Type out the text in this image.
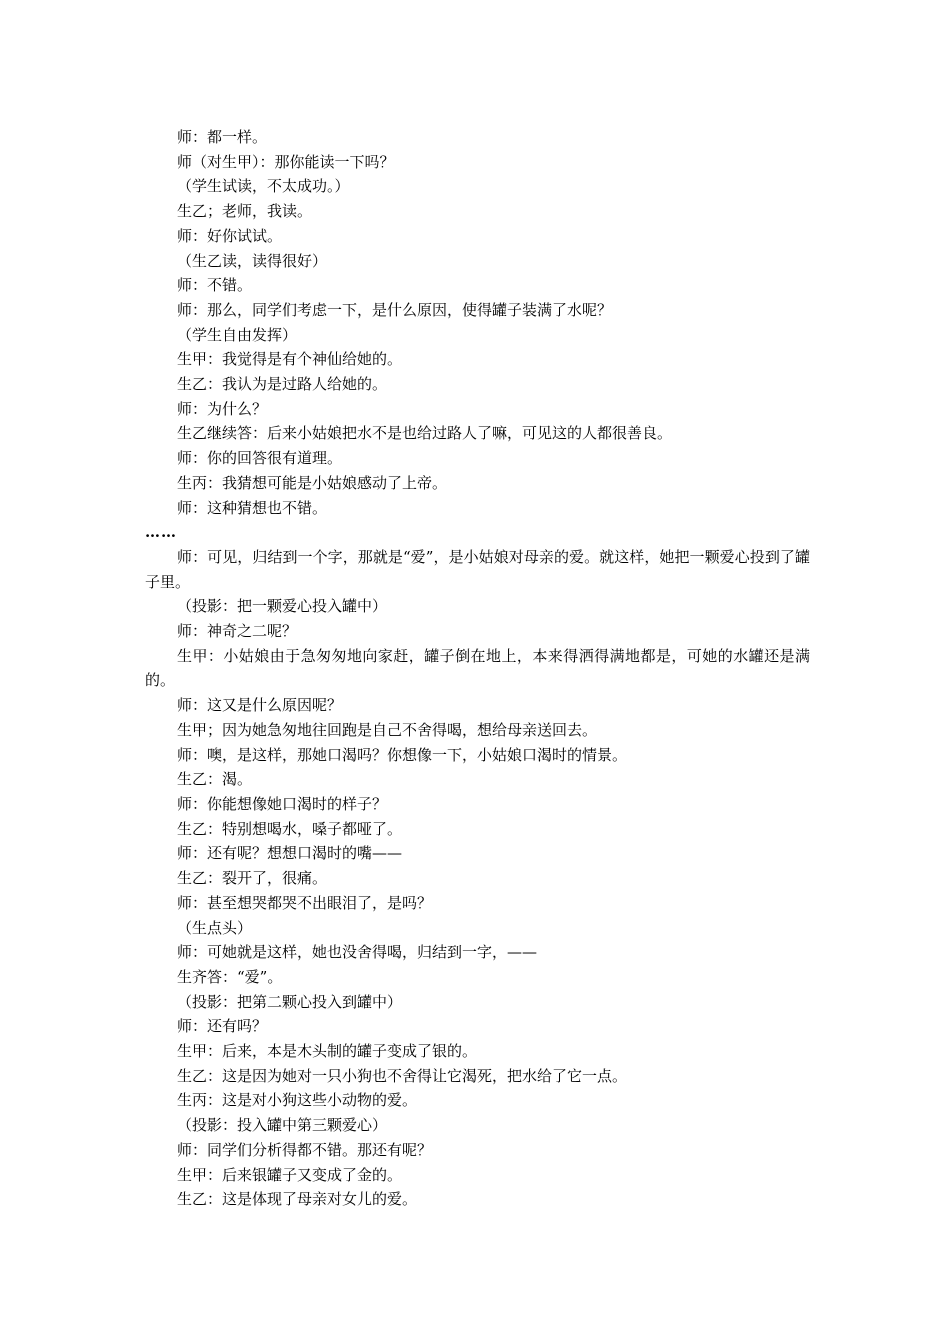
师：都一样。

师（对生甲）：那你能读一下吗？

（学生试读，不太成功。）

生乙；老师，我读。

师：好你试试。

（生乙读，读得很好）

师：不错。

师：那么，同学们考虑一下，是什么原因，使得罐子装满了水呢？

（学生自由发挥）

生甲：我觉得是有个神仙给她的。

生乙：我认为是过路人给她的。

师：为什么？

生乙继续答：后来小姑娘把水不是也给过路人了嘛，可见这的人都很善良。

师：你的回答很有道理。

生丙：我猜想可能是小姑娘感动了上帝。

师：这种猜想也不错。

……

师：可见，归结到一个字，那就是“爱”，是小姑娘对母亲的爱。就这样，她把一颗爱心投到了罐子里。

（投影：把一颗爱心投入罐中）

师：神奇之二呢？

生甲：小姑娘由于急匆匆地向家赶，罐子倒在地上，本来得洒得满地都是，可她的水罐还是满的。

师：这又是什么原因呢？

生甲；因为她急匆地往回跑是自己不舍得喝，想给母亲送回去。

师：噢，是这样，那她口渴吗？你想像一下，小姑娘口渴时的情景。

生乙：渴。

师：你能想像她口渴时的样子？

生乙：特别想喝水，嗓子都哑了。

师：还有呢？想想口渴时的嘴——

生乙：裂开了，很痛。

师：甚至想哭都哭不出眼泪了，是吗？

（生点头）

师：可她就是这样，她也没舍得喝，归结到一字，——

生齐答：“爱”。

（投影：把第二颗心投入到罐中）

师：还有吗？

生甲：后来，本是木头制的罐子变成了银的。

生乙：这是因为她对一只小狗也不舍得让它渴死，把水给了它一点。

生丙：这是对小狗这些小动物的爱。

（投影：投入罐中第三颗爱心）

师：同学们分析得都不错。那还有呢？

生甲：后来银罐子又变成了金的。

生乙：这是体现了母亲对女儿的爱。
